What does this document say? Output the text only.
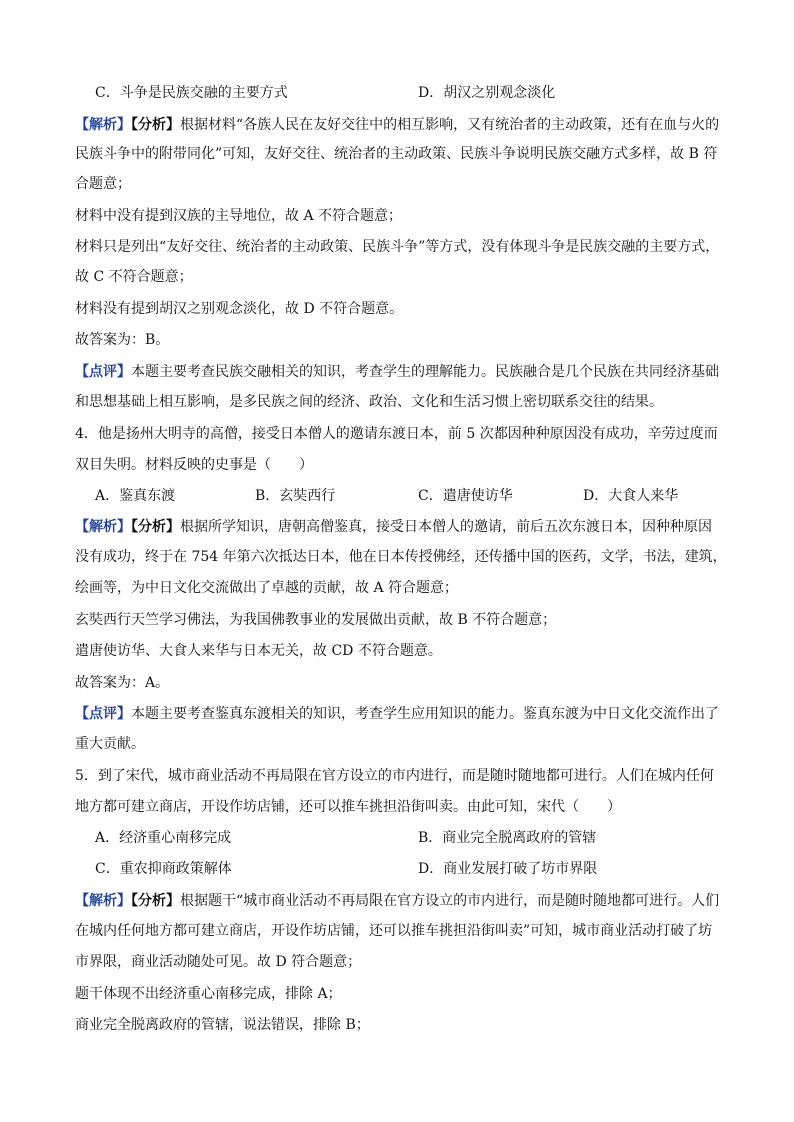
C．斗争是民族交融的主要方式	D．胡汉之别观念淡化
【解析】【分析】根据材料“各族人民在友好交往中的相互影响，又有统治者的主动政策，还有在血与火的
民族斗争中的附带同化”可知，友好交往、统治者的主动政策、民族斗争说明民族交融方式多样，故 B 符
合题意；
材料中没有提到汉族的主导地位，故 A 不符合题意；
材料只是列出“友好交往、统治者的主动政策、民族斗争”等方式，没有体现斗争是民族交融的主要方式，
故 C 不符合题意；
材料没有提到胡汉之别观念淡化，故 D 不符合题意。
故答案为：B。
【点评】本题主要考查民族交融相关的知识，考查学生的理解能力。民族融合是几个民族在共同经济基础
和思想基础上相互影响，是多民族之间的经济、政治、文化和生活习惯上密切联系交往的结果。
4．他是扬州大明寺的高僧，接受日本僧人的邀请东渡日本，前 5 次都因种种原因没有成功，辛劳过度而
双目失明。材料反映的史事是（　　）
A．鉴真东渡	B．玄奘西行	C．遣唐使访华	D．大食人来华
【解析】【分析】根据所学知识，唐朝高僧鉴真，接受日本僧人的邀请，前后五次东渡日本，因种种原因
没有成功，终于在 754 年第六次抵达日本，他在日本传授佛经，还传播中国的医药，文学，书法，建筑，
绘画等，为中日文化交流做出了卓越的贡献，故 A 符合题意；
玄奘西行天竺学习佛法，为我国佛教事业的发展做出贡献，故 B 不符合题意；
遣唐使访华、大食人来华与日本无关，故 CD 不符合题意。
故答案为：A。
【点评】本题主要考查鉴真东渡相关的知识，考查学生应用知识的能力。鉴真东渡为中日文化交流作出了
重大贡献。
5．到了宋代，城市商业活动不再局限在官方设立的市内进行，而是随时随地都可进行。人们在城内任何
地方都可建立商店，开设作坊店铺，还可以推车挑担沿街叫卖。由此可知，宋代（　　）
A．经济重心南移完成	B．商业完全脱离政府的管辖
C．重农抑商政策解体	D．商业发展打破了坊市界限
【解析】【分析】根据题干“城市商业活动不再局限在官方设立的市内进行，而是随时随地都可进行。人们
在城内任何地方都可建立商店，开设作坊店铺，还可以推车挑担沿街叫卖”可知，城市商业活动打破了坊
市界限，商业活动随处可见。故 D 符合题意；
题干体现不出经济重心南移完成，排除 A；
商业完全脱离政府的管辖，说法错误，排除 B；
